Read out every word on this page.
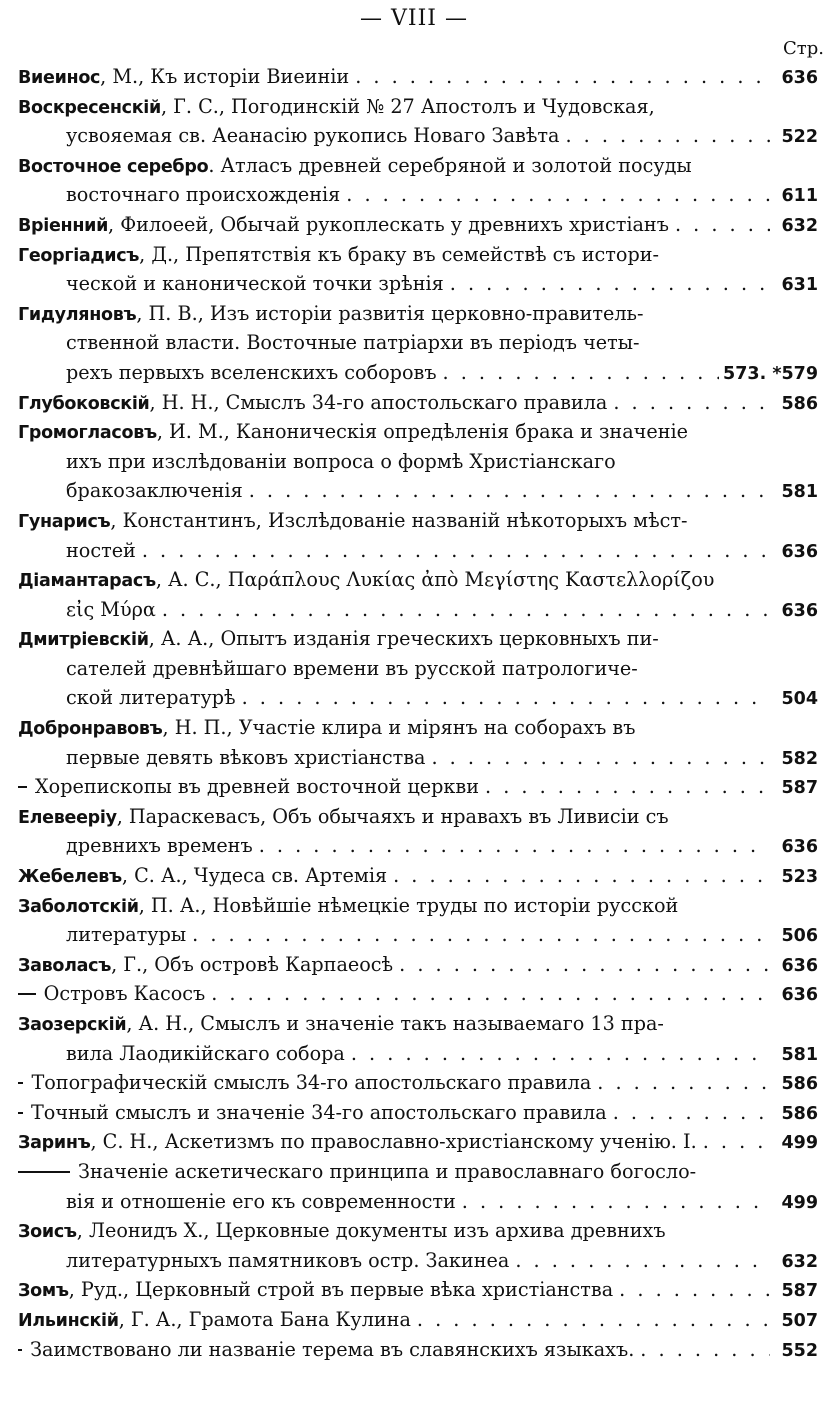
— VIII —
Стр.
Виеинос , М., Къ исторiи Виеинiи . . .	636
Воскресенскiй , Г. С., Погодинскiй № 27 Апостолъ и Чудовская,
усвояемая св. Аеанасiю рукопись Новаго Завѣта . . .	522
Восточное серебро . Атласъ древней серебряной и золотой посуды
восточнаго происхожденiя . . .	611
Врiенний , Филоеей, Обычай рукоплескать у древнихъ христiанъ . . .	632
Георгiадисъ , Д., Препятствiя къ браку въ семействѣ съ истори-
ческой и канонической точки зрѣнiя . . .	631
Гидуляновъ , П. В., Изъ исторiи развитiя церковно-правитель-
ственной власти. Восточные патрiархи въ перiодъ четы-
рехъ первыхъ вселенскихъ соборовъ . . .	573. *579
Глубоковскiй , Н. Н., Смыслъ 34-го апостольскаго правила . . .	586
Громогласовъ , И. М., Каноническiя опредѣленiя брака и значенiе
ихъ при изслѣдованiи вопроса о формѣ Христiанскаго
бракозаключенiя . . .	581
Гунарисъ , Константинъ, Изслѣдованiе названiй нѣкоторыхъ мѣст-
ностей . . .	636
Дiамантарасъ , А. С., Παράπλους Λυκίας ἀπὸ Μεγίστης Καστελλορίζου
εἰς Μύρα . . .	636
Дмитрiевскiй , А. А., Опытъ изданiя греческихъ церковныхъ пи-
сателей древнѣйшаго времени въ русской патрологиче-
ской литературѣ . . .	504
Добронравовъ , Н. П., Участiе клира и мiрянъ на соборахъ въ
первые девять вѣковъ христiанства . . .	582
Хорепископы въ древней восточной церкви . . .	587
Елевеерiу , Параскевасъ, Объ обычаяхъ и нравахъ въ Ливисiи съ
древнихъ временъ . . .	636
Жебелевъ , С. А., Чудеса св. Артемiя . . .	523
Заболотскiй , П. А., Новѣйшiе нѣмецкiе труды по исторiи русской
литературы . . .	506
Заволасъ , Г., Объ островѣ Карпаеосѣ . . .	636
Островъ Касосъ . . .	636
Заозерскiй , А. Н., Смыслъ и значенiе такъ называемаго 13 пра-
вила Лаодикiйскаго собора . . .	581
Топографическiй смыслъ 34-го апостольскаго правила . . .	586
Точный смыслъ и значенiе 34-го апостольскаго правила . . .	586
Заринъ , С. Н., Аскетизмъ по православно-христiанскому ученiю. I. . . .	499
Значенiе аскетическаго принципа и православнаго богосло-
вiя и отношенiе его къ современности . . .	499
Зоисъ , Леонидъ Х., Церковные документы изъ архива древнихъ
литературныхъ памятниковъ остр. Закинеа . . .	632
Зомъ , Руд., Церковный строй въ первые вѣка христiанства . . .	587
Ильинскiй , Г. А., Грамота Бана Кулина . . .	507
Заимствовано ли названiе терема въ славянскихъ языкахъ. . . .	552
